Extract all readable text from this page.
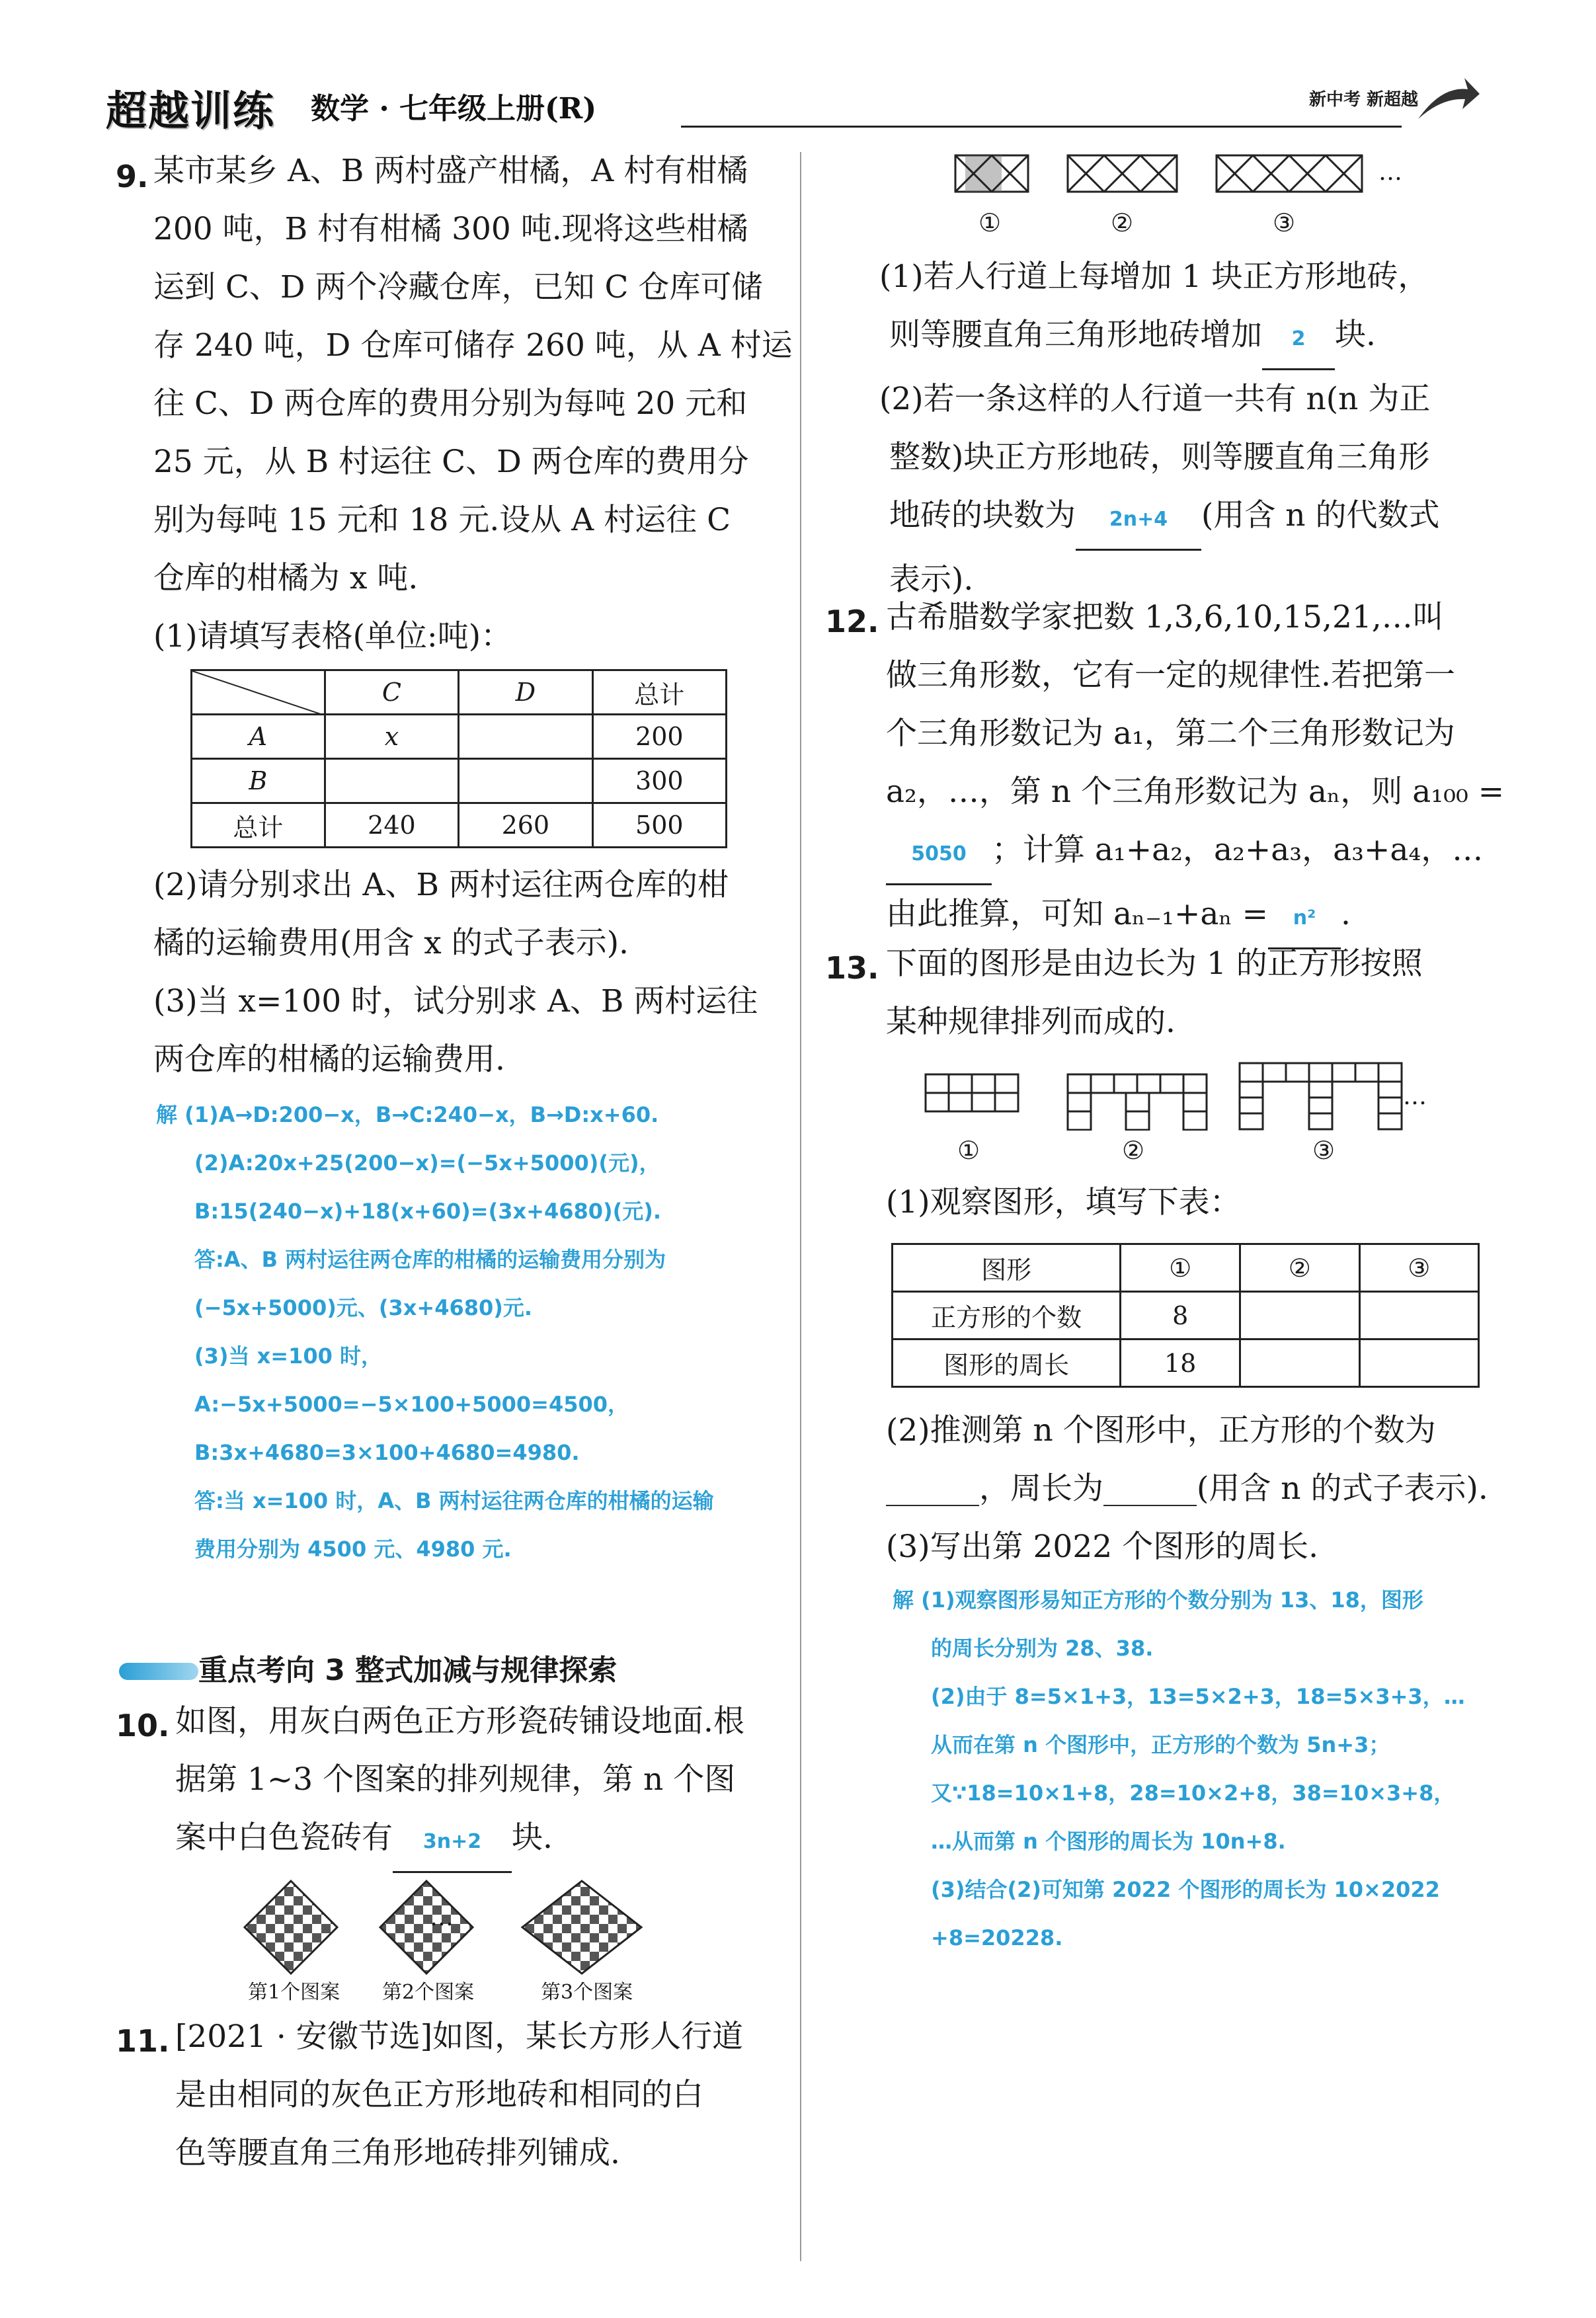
超越训练 数学 · 七年级上册(R)	新中考 新超越
9. 某市某乡 A、B 两村盛产柑橘，A 村有柑橘
200 吨，B 村有柑橘 300 吨.现将这些柑橘
运到 C、D 两个冷藏仓库，已知 C 仓库可储
存 240 吨，D 仓库可储存 260 吨，从 A 村运
往 C、D 两仓库的费用分别为每吨 20 元和
25 元，从 B 村运往 C、D 两仓库的费用分
别为每吨 15 元和 18 元.设从 A 村运往 C
仓库的柑橘为 x 吨.
(1)请填写表格(单位:吨)：
	C	D	总计
A	x		200
B			300
总计	240	260	500
(2)请分别求出 A、B 两村运往两仓库的柑
橘的运输费用(用含 x 的式子表示).
(3)当 x=100 时，试分别求 A、B 两村运往
两仓库的柑橘的运输费用.
解 (1)A→D:200−x，B→C:240−x，B→D:x+60.
(2)A:20x+25(200−x)=(−5x+5000)(元)，
B:15(240−x)+18(x+60)=(3x+4680)(元).
答:A、B 两村运往两仓库的柑橘的运输费用分别为
(−5x+5000)元、(3x+4680)元.
(3)当 x=100 时，
A:−5x+5000=−5×100+5000=4500，
B:3x+4680=3×100+4680=4980.
答:当 x=100 时，A、B 两村运往两仓库的柑橘的运输
费用分别为 4500 元、4980 元.
重点考向 3 整式加减与规律探索
10. 如图，用灰白两色正方形瓷砖铺设地面.根
据第 1~3 个图案的排列规律，第 n 个图
案中白色瓷砖有 3n+2 块.
…
第1个图案 第2个图案	第3个图案
11. [2021 · 安徽节选]如图，某长方形人行道
是由相同的灰色正方形地砖和相同的白
色等腰直角三角形地砖排列铺成.
…
①	②	③
(1)若人行道上每增加 1 块正方形地砖，
则等腰直角三角形地砖增加 2 块.
(2)若一条这样的人行道一共有 n(n 为正
整数)块正方形地砖，则等腰直角三角形
地砖的块数为 2n+4 (用含 n 的代数式
表示).
12. 古希腊数学家把数 1,3,6,10,15,21,…叫
做三角形数，它有一定的规律性.若把第一
个三角形数记为 a₁，第二个三角形数记为
a₂，…，第 n 个三角形数记为 aₙ，则 a₁₀₀ =
5050 ；计算 a₁+a₂，a₂+a₃，a₃+a₄，…
由此推算，可知 aₙ₋₁+aₙ = n² .
13. 下面的图形是由边长为 1 的正方形按照
某种规律排列而成的.
…
①	②	③
(1)观察图形，填写下表：
图形	①	②	③
正方形的个数	8		
图形的周长	18		
(2)推测第 n 个图形中，正方形的个数为
______，周长为______(用含 n 的式子表示).
(3)写出第 2022 个图形的周长.
解 (1)观察图形易知正方形的个数分别为 13、18，图形
的周长分别为 28、38.
(2)由于 8=5×1+3，13=5×2+3，18=5×3+3，…
从而在第 n 个图形中，正方形的个数为 5n+3；
又∵18=10×1+8，28=10×2+8，38=10×3+8，
…从而第 n 个图形的周长为 10n+8.
(3)结合(2)可知第 2022 个图形的周长为 10×2022
+8=20228.
